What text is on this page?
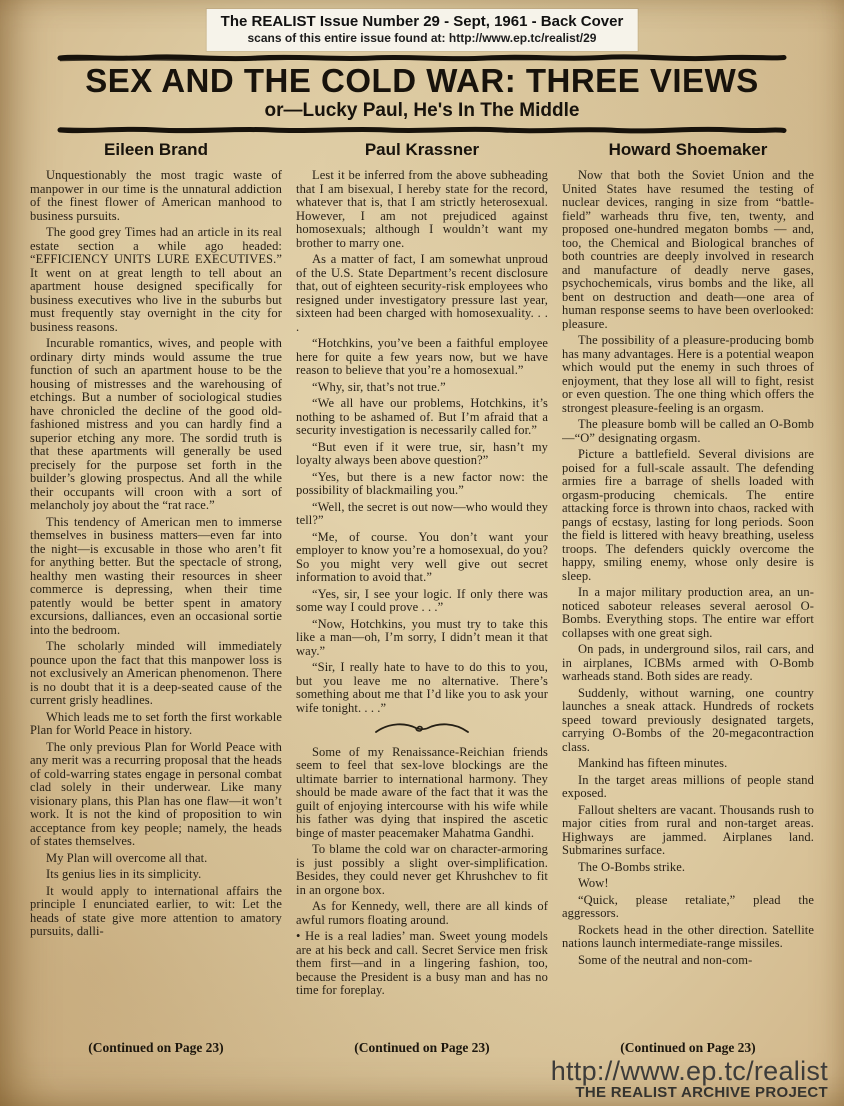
The REALIST Issue Number 29 - Sept, 1961 - Back Cover
scans of this entire issue found at: http://www.ep.tc/realist/29
SEX AND THE COLD WAR: THREE VIEWS
or—Lucky Paul, He's In The Middle
Eileen Brand

Unquestionably the most tragic waste of manpower in our time is the unnatural addiction of the finest flower of American manhood to business pursuits.

The good grey Times had an article in its real estate section a while ago headed: “EFFICIENCY UNITS LURE EXECUTIVES.” It went on at great length to tell about an apartment house designed specifically for business executives who live in the suburbs but must frequently stay overnight in the city for business reasons.

Incurable romantics, wives, and people with ordinary dirty minds would assume the true function of such an apartment house to be the housing of mistresses and the warehousing of etchings. But a number of sociological studies have chronicled the decline of the good old-fashioned mistress and you can hardly find a superior etching any more. The sordid truth is that these apartments will generally be used precisely for the purpose set forth in the builder’s glowing prospectus. And all the while their occupants will croon with a sort of melancholy joy about the “rat race.”

This tendency of American men to immerse themselves in business matters—even far into the night—is excusable in those who aren’t fit for anything better. But the spectacle of strong, healthy men wasting their resources in sheer commerce is depressing, when their time patently would be better spent in amatory excursions, dalliances, even an occasional sortie into the bedroom.

The scholarly minded will immediately pounce upon the fact that this manpower loss is not exclusively an American phenomenon. There is no doubt that it is a deep-seated cause of the current grisly headlines.

Which leads me to set forth the first workable Plan for World Peace in history.

The only previous Plan for World Peace with any merit was a recurring proposal that the heads of cold-warring states engage in personal combat clad solely in their underwear. Like many visionary plans, this Plan has one flaw—it won’t work. It is not the kind of proposition to win acceptance from key people; namely, the heads of states themselves.

My Plan will overcome all that.

Its genius lies in its simplicity.

It would apply to international affairs the principle I enunciated earlier, to wit: Let the heads of state give more attention to amatory pursuits, dalli-

(Continued on Page 23)
Paul Krassner

Lest it be inferred from the above subheading that I am bisexual, I hereby state for the record, whatever that is, that I am strictly heterosexual. However, I am not prejudiced against homosexuals; although I wouldn’t want my brother to marry one.

As a matter of fact, I am somewhat unproud of the U.S. State Department’s recent disclosure that, out of eighteen security-risk employees who resigned under investigatory pressure last year, sixteen had been charged with homosexuality. . . .

“Hotchkins, you’ve been a faithful employee here for quite a few years now, but we have reason to believe that you’re a homosexual.”

“Why, sir, that’s not true.”

“We all have our problems, Hotchkins, it’s nothing to be ashamed of. But I’m afraid that a security investigation is necessarily called for.”

“But even if it were true, sir, hasn’t my loyalty always been above question?”

“Yes, but there is a new factor now: the possibility of blackmailing you.”

“Well, the secret is out now—who would they tell?”

“Me, of course. You don’t want your employer to know you’re a homosexual, do you? So you might very well give out secret information to avoid that.”

“Yes, sir, I see your logic. If only there was some way I could prove . . .”

“Now, Hotchkins, you must try to take this like a man—oh, I’m sorry, I didn’t mean it that way.”

“Sir, I really hate to have to do this to you, but you leave me no alternative. There’s something about me that I’d like you to ask your wife tonight. . . .”

Some of my Renaissance-Reichian friends seem to feel that sex-love blockings are the ultimate barrier to international harmony. They should be made aware of the fact that it was the guilt of enjoying intercourse with his wife while his father was dying that inspired the ascetic binge of master peacemaker Mahatma Gandhi.

To blame the cold war on character-armoring is just possibly a slight over-simplification. Besides, they could never get Khrushchev to fit in an orgone box.

As for Kennedy, well, there are all kinds of awful rumors floating around.

• He is a real ladies’ man. Sweet young models are at his beck and call. Secret Service men frisk them first—and in a lingering fashion, too, because the President is a busy man and has no time for foreplay.

(Continued on Page 23)
Howard Shoemaker

Now that both the Soviet Union and the United States have resumed the testing of nuclear devices, ranging in size from “battle-field” warheads thru five, ten, twenty, and proposed one-hundred megaton bombs — and, too, the Chemical and Biological branches of both countries are deeply involved in research and manufacture of deadly nerve gases, psychochemicals, virus bombs and the like, all bent on destruction and death—one area of human response seems to have been overlooked: pleasure.

The possibility of a pleasure-producing bomb has many advantages. Here is a potential weapon which would put the enemy in such throes of enjoyment, that they lose all will to fight, resist or even question. The one thing which offers the strongest pleasure-feeling is an orgasm.

The pleasure bomb will be called an O-Bomb—“O” designating orgasm.

Picture a battlefield. Several divisions are poised for a full-scale assault. The defending armies fire a barrage of shells loaded with orgasm-producing chemicals. The entire attacking force is thrown into chaos, racked with pangs of ecstasy, lasting for long periods. Soon the field is littered with heavy breathing, useless troops. The defenders quickly overcome the happy, smiling enemy, whose only desire is sleep.

In a major military production area, an un-noticed saboteur releases several aerosol O-Bombs. Everything stops. The entire war effort collapses with one great sigh.

On pads, in underground silos, rail cars, and in airplanes, ICBMs armed with O-Bomb warheads stand. Both sides are ready.

Suddenly, without warning, one country launches a sneak attack. Hundreds of rockets speed toward previously designated targets, carrying O-Bombs of the 20-megacontraction class.

Mankind has fifteen minutes.

In the target areas millions of people stand exposed.

Fallout shelters are vacant. Thousands rush to major cities from rural and non-target areas. Highways are jammed. Airplanes land. Submarines surface.

The O-Bombs strike.

Wow!

“Quick, please retaliate,” plead the aggressors.

Rockets head in the other direction. Satellite nations launch intermediate-range missiles.

Some of the neutral and non-com-

(Continued on Page 23)
http://www.ep.tc/realist
THE REALIST ARCHIVE PROJECT
